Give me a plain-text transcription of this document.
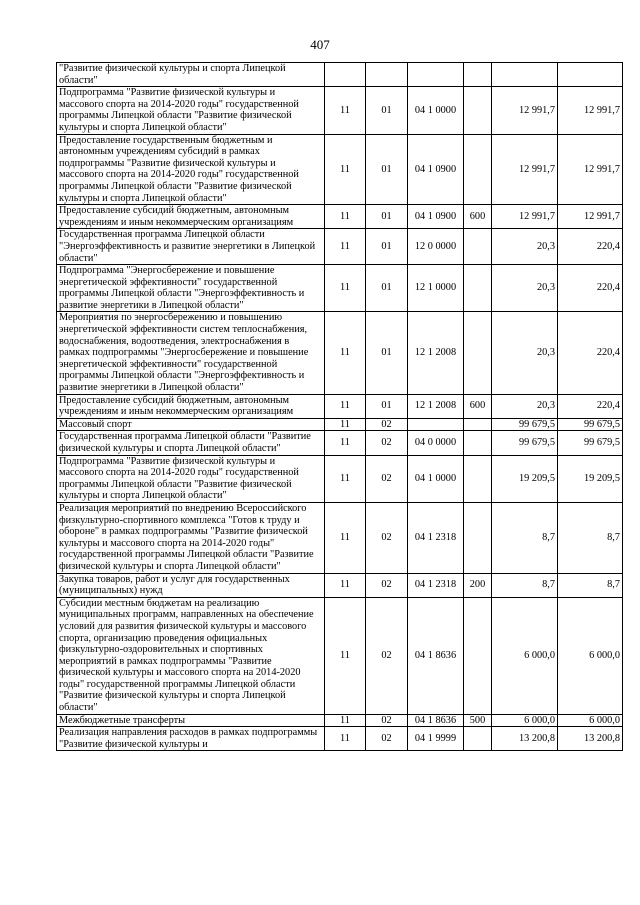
407
"Развитие физической культуры и спорта Липецкой области"						
Подпрограмма "Развитие физической культуры и массового спорта на 2014-2020 годы" государственной программы Липецкой области "Развитие физической культуры и спорта Липецкой области"	11	01	04 1 0000		12 991,7	12 991,7
Предоставление государственным бюджетным и автономным учреждениям субсидий в рамках подпрограммы "Развитие физической культуры и массового спорта на 2014-2020 годы" государственной программы Липецкой области "Развитие физической культуры и спорта Липецкой области"	11	01	04 1 0900		12 991,7	12 991,7
Предоставление субсидий бюджетным, автономным учреждениям и иным некоммерческим организациям	11	01	04 1 0900	600	12 991,7	12 991,7
Государственная программа Липецкой области "Энергоэффективность и развитие энергетики в Липецкой области"	11	01	12 0 0000		20,3	220,4
Подпрограмма "Энергосбережение и повышение энергетической эффективности" государственной программы Липецкой области "Энергоэффективность и развитие энергетики в Липецкой области"	11	01	12 1 0000		20,3	220,4
Мероприятия по энергосбережению и повышению энергетической эффективности систем теплоснабжения, водоснабжения, водоотведения, электроснабжения в рамках подпрограммы "Энергосбережение и повышение энергетической эффективности" государственной программы Липецкой области "Энергоэффективность и развитие энергетики в Липецкой области"	11	01	12 1 2008		20,3	220,4
Предоставление субсидий бюджетным, автономным учреждениям и иным некоммерческим организациям	11	01	12 1 2008	600	20,3	220,4
Массовый спорт	11	02			99 679,5	99 679,5
Государственная программа Липецкой области "Развитие физической культуры и спорта Липецкой области"	11	02	04 0 0000		99 679,5	99 679,5
Подпрограмма "Развитие физической культуры и массового спорта на 2014-2020 годы" государственной программы Липецкой области "Развитие физической культуры и спорта Липецкой области"	11	02	04 1 0000		19 209,5	19 209,5
Реализация мероприятий по внедрению Всероссийского физкультурно-спортивного комплекса "Готов к труду и обороне" в рамках подпрограммы "Развитие физической культуры и массового спорта на 2014-2020 годы" государственной программы Липецкой области "Развитие физической культуры и спорта Липецкой области"	11	02	04 1 2318		8,7	8,7
Закупка товаров, работ и услуг для государственных (муниципальных) нужд	11	02	04 1 2318	200	8,7	8,7
Субсидии местным бюджетам на реализацию муниципальных программ, направленных на обеспечение условий для развития физической культуры и массового спорта, организацию проведения официальных физкультурно-оздоровительных и спортивных мероприятий в рамках подпрограммы "Развитие физической культуры и массового спорта на 2014-2020 годы" государственной программы Липецкой области "Развитие физической культуры и спорта Липецкой области"	11	02	04 1 8636		6 000,0	6 000,0
Межбюджетные трансферты	11	02	04 1 8636	500	6 000,0	6 000,0
Реализация направления расходов в рамках подпрограммы "Развитие физической культуры и	11	02	04 1 9999		13 200,8	13 200,8
